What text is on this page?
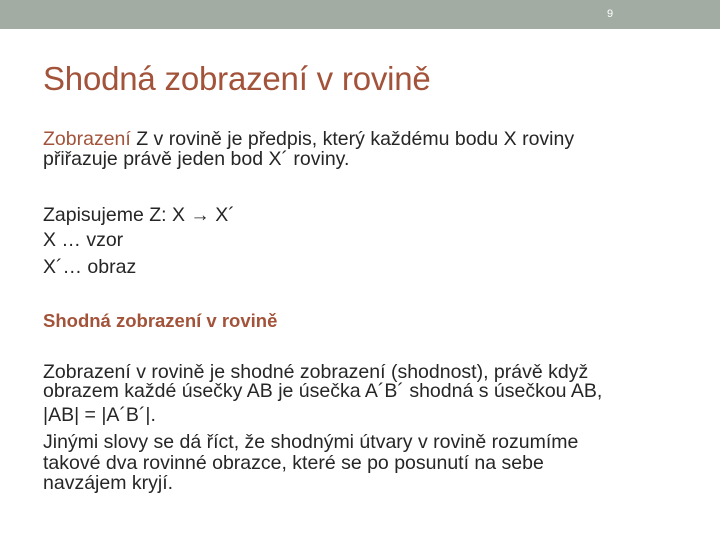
9
Shodná zobrazení v rovině
Zobrazení Z v rovině je předpis, který každému bodu X roviny
přiřazuje právě jeden bod X´ roviny.
Zapisujeme Z: X → X´
X … vzor
X´… obraz
Shodná zobrazení v rovině
Zobrazení v rovině je shodné zobrazení (shodnost), právě když
obrazem každé úsečky AB je úsečka A´B´ shodná s úsečkou AB,
|AB| = |A´B´|.
Jinými slovy se dá říct, že shodnými útvary v rovině rozumíme
takové dva rovinné obrazce, které se po posunutí na sebe
navzájem kryjí.
